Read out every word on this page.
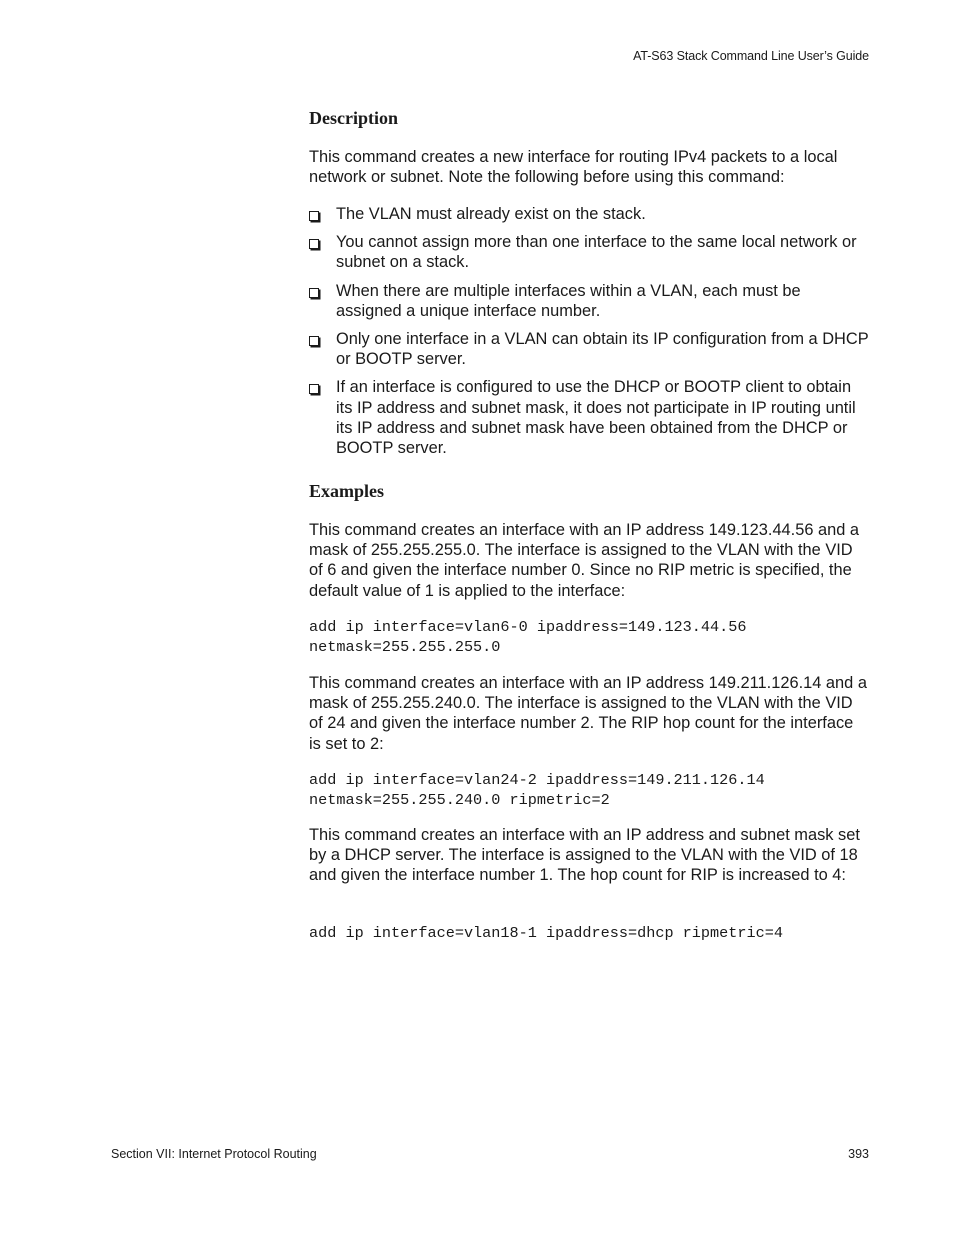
AT-S63 Stack Command Line User’s Guide
Description

This command creates a new interface for routing IPv4 packets to a local network or subnet. Note the following before using this command:

The VLAN must already exist on the stack.
You cannot assign more than one interface to the same local network or subnet on a stack.
When there are multiple interfaces within a VLAN, each must be assigned a unique interface number.
Only one interface in a VLAN can obtain its IP configuration from a DHCP or BOOTP server.
If an interface is configured to use the DHCP or BOOTP client to obtain its IP address and subnet mask, it does not participate in IP routing until its IP address and subnet mask have been obtained from the DHCP or BOOTP server.
Examples

This command creates an interface with an IP address 149.123.44.56 and a mask of 255.255.255.0. The interface is assigned to the VLAN with the VID of 6 and given the interface number 0. Since no RIP metric is specified, the default value of 1 is applied to the interface:

add ip interface=vlan6-0 ipaddress=149.123.44.56
netmask=255.255.255.0

This command creates an interface with an IP address 149.211.126.14 and a mask of 255.255.240.0. The interface is assigned to the VLAN with the VID of 24 and given the interface number 2. The RIP hop count for the interface is set to 2:

add ip interface=vlan24-2 ipaddress=149.211.126.14
netmask=255.255.240.0 ripmetric=2

This command creates an interface with an IP address and subnet mask set by a DHCP server. The interface is assigned to the VLAN with the VID of 18 and given the interface number 1. The hop count for RIP is increased to 4:

add ip interface=vlan18-1 ipaddress=dhcp ripmetric=4
Section VII: Internet Protocol Routing	393
